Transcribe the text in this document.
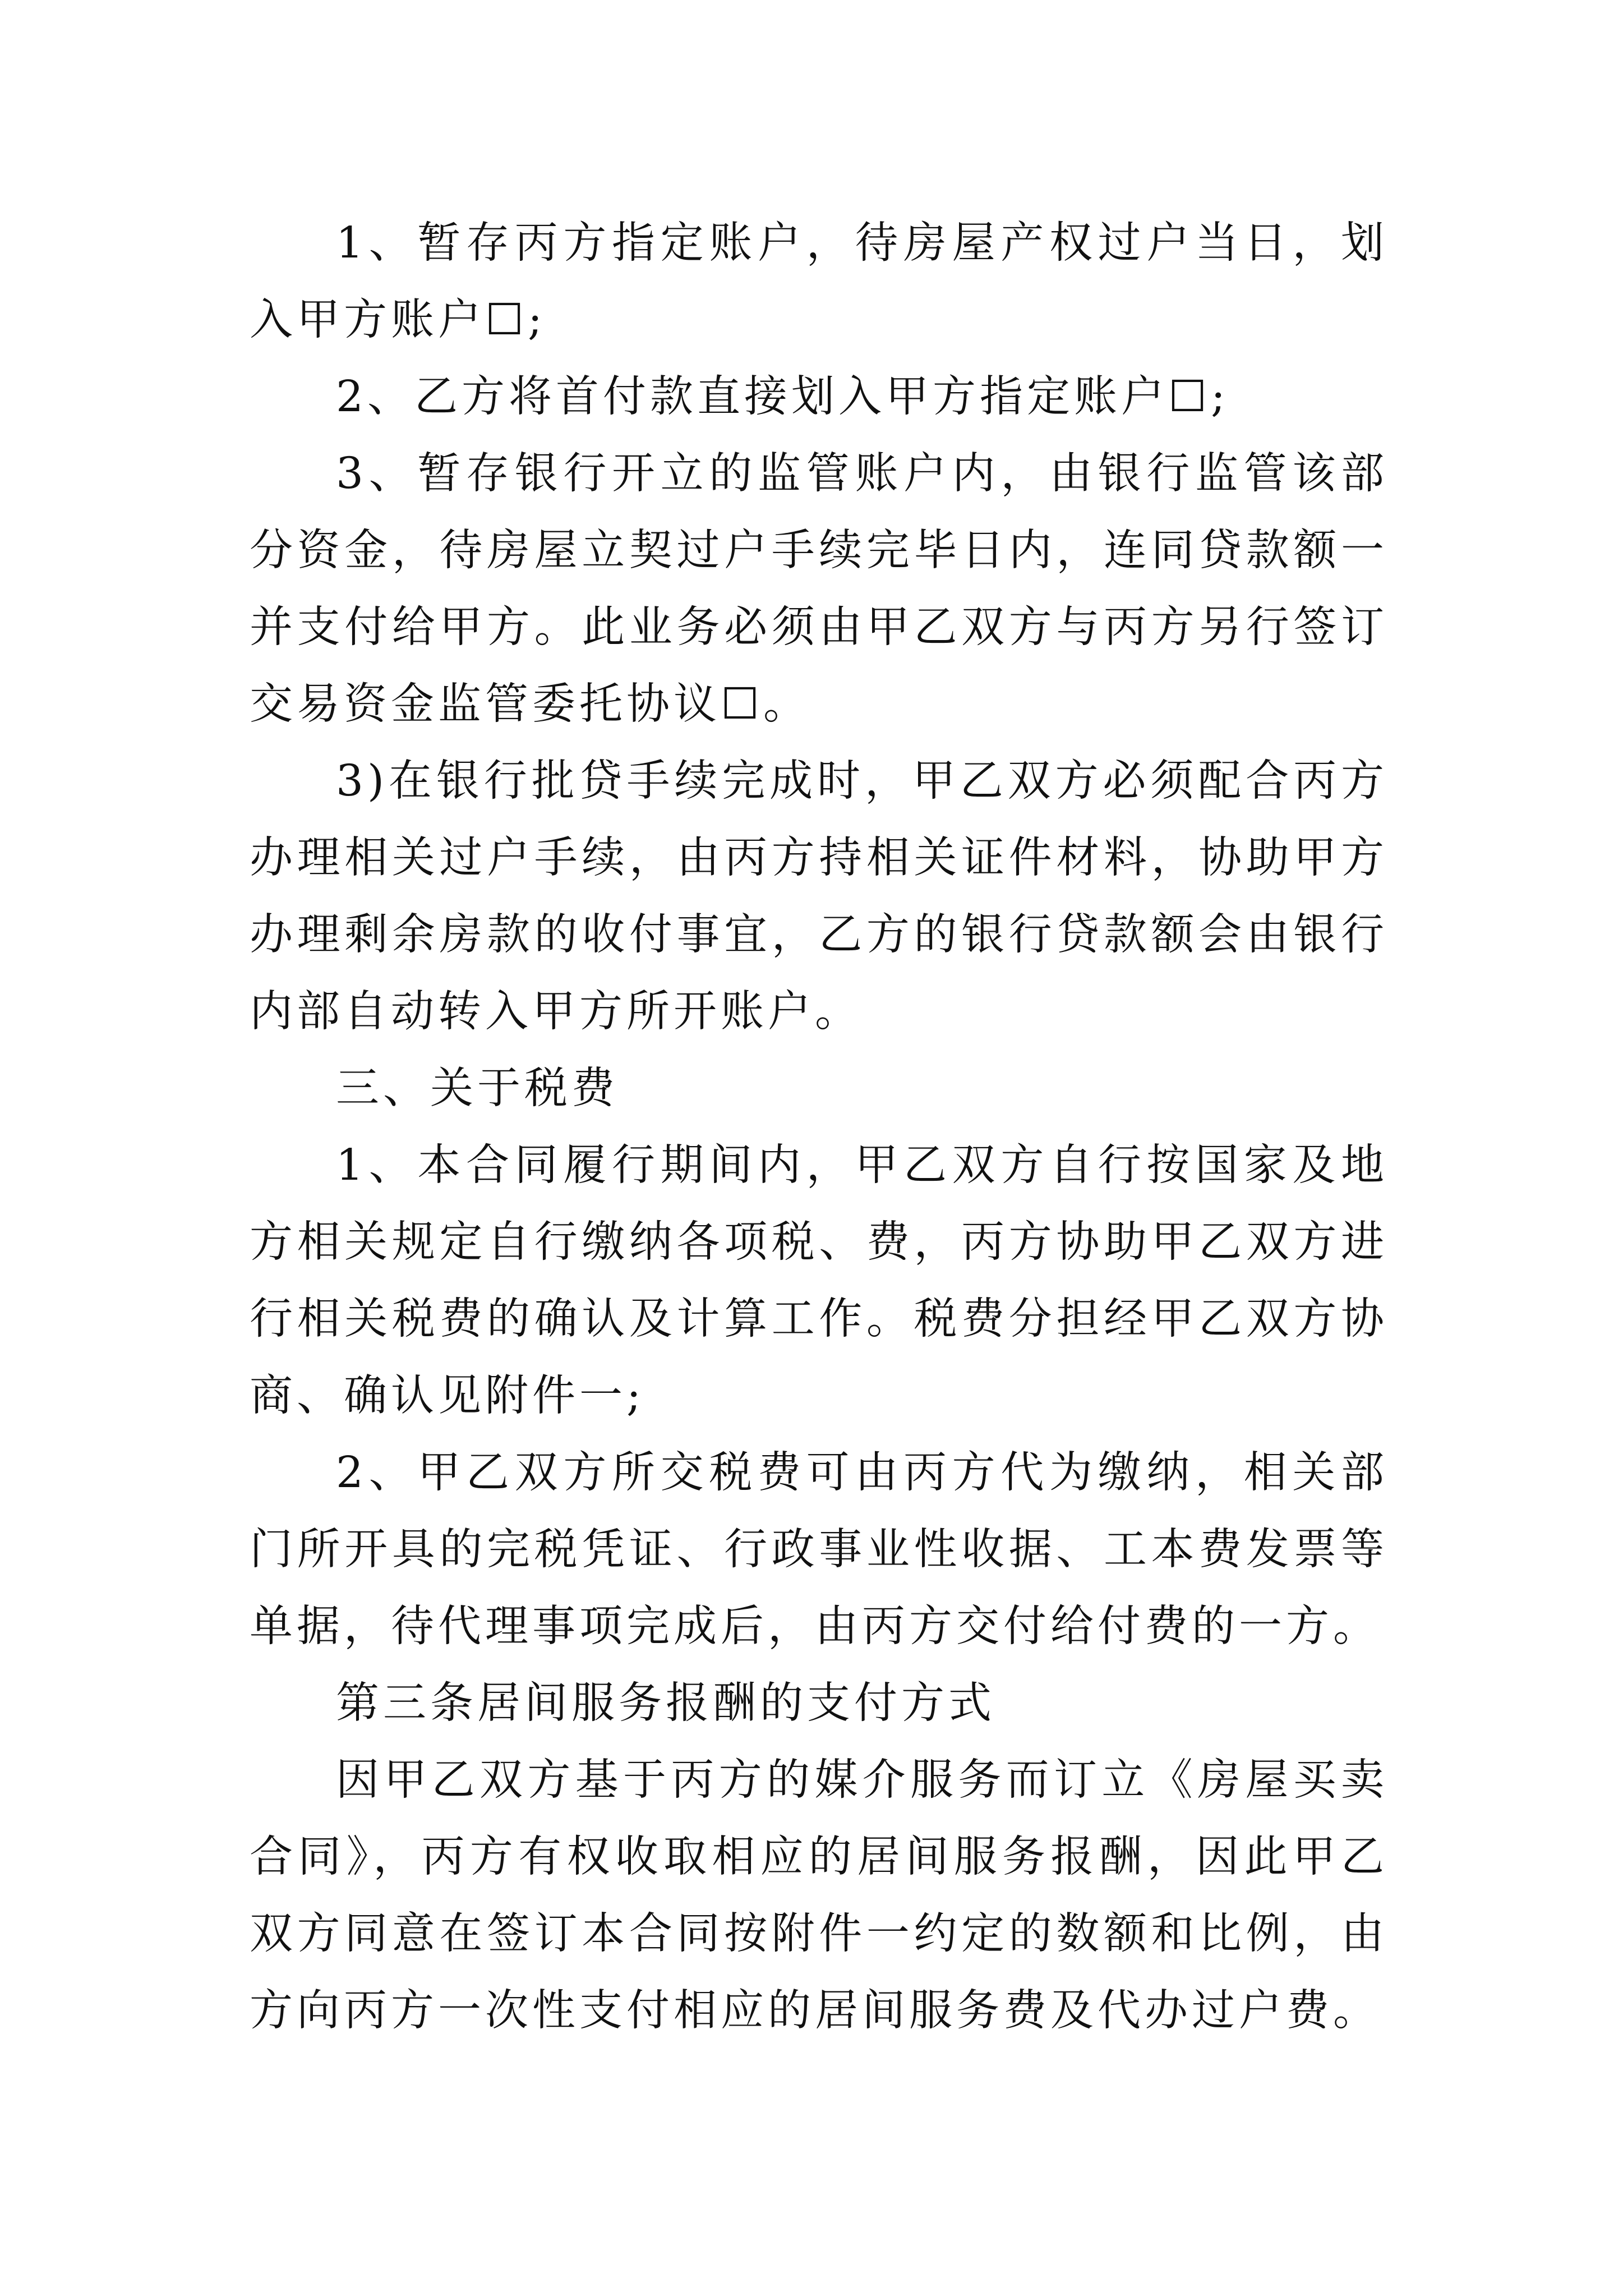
1、暂存丙方指定账户，待房屋产权过户当日，划入甲方账户☐;

2、乙方将首付款直接划入甲方指定账户☐;

3、暂存银行开立的监管账户内，由银行监管该部分资金，待房屋立契过户手续完毕日内，连同贷款额一并支付给甲方。此业务必须由甲乙双方与丙方另行签订交易资金监管委托协议☐。

3)在银行批贷手续完成时，甲乙双方必须配合丙方办理相关过户手续，由丙方持相关证件材料，协助甲方办理剩余房款的收付事宜，乙方的银行贷款额会由银行内部自动转入甲方所开账户。

三、关于税费

1、本合同履行期间内，甲乙双方自行按国家及地方相关规定自行缴纳各项税、费，丙方协助甲乙双方进行相关税费的确认及计算工作。税费分担经甲乙双方协商、确认见附件一;

2、甲乙双方所交税费可由丙方代为缴纳，相关部门所开具的完税凭证、行政事业性收据、工本费发票等单据，待代理事项完成后，由丙方交付给付费的一方。

第三条居间服务报酬的支付方式

因甲乙双方基于丙方的媒介服务而订立《房屋买卖合同》，丙方有权收取相应的居间服务报酬，因此甲乙双方同意在签订本合同按附件一约定的数额和比例，由方向丙方一次性支付相应的居间服务费及代办过户费。
